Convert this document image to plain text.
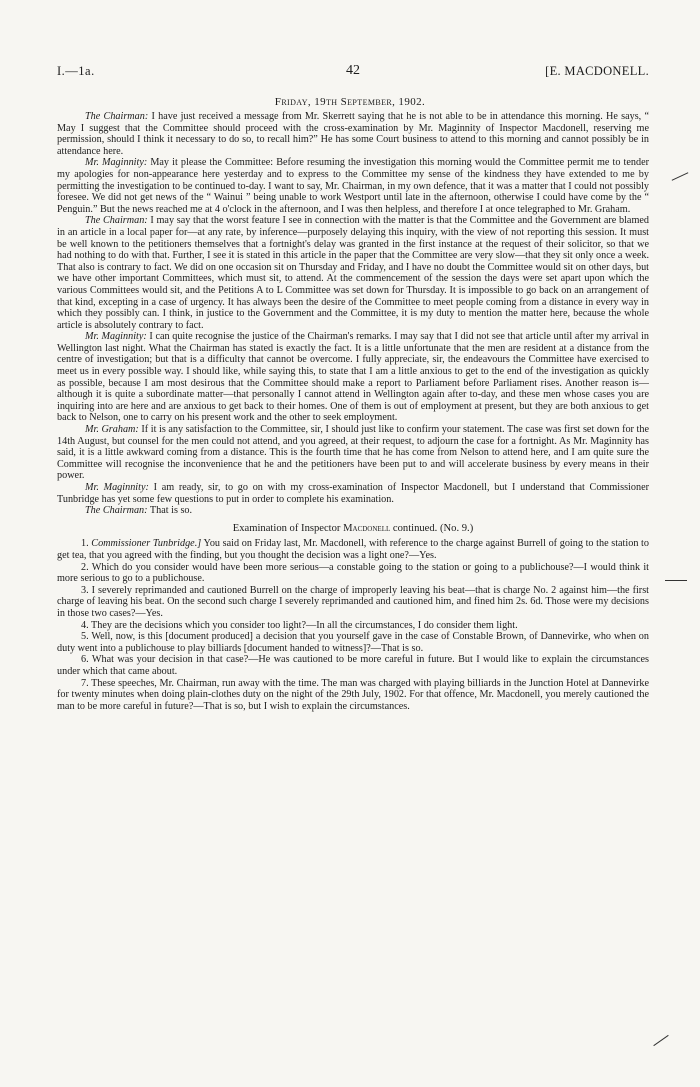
I.—1a.	42	[E. MACDONELL.
Friday, 19th September, 1902.

The Chairman: I have just received a message from Mr. Skerrett saying that he is not able to be in attendance this morning. He says, “ May I suggest that the Committee should proceed with the cross-examination by Mr. Maginnity of Inspector Macdonell, reserving me permission, should I think it necessary to do so, to recall him?” He has some Court business to attend to this morning and cannot possibly be in attendance here.

Mr. Maginnity: May it please the Committee: Before resuming the investigation this morning would the Committee permit me to tender my apologies for non-appearance here yesterday and to express to the Committee my sense of the kindness they have extended to me by permitting the investigation to be continued to-day. I want to say, Mr. Chairman, in my own defence, that it was a matter that I could not possibly foresee. We did not get news of the “ Wainui ” being unable to work Westport until late in the afternoon, otherwise I could have come by the “ Penguin.” But the news reached me at 4 o'clock in the afternoon, and I was then helpless, and therefore I at once telegraphed to Mr. Graham.

The Chairman: I may say that the worst feature I see in connection with the matter is that the Committee and the Government are blamed in an article in a local paper for—at any rate, by inference—purposely delaying this inquiry, with the view of not reporting this session. It must be well known to the petitioners themselves that a fortnight's delay was granted in the first instance at the request of their solicitor, so that we had nothing to do with that. Further, I see it is stated in this article in the paper that the Committee are very slow—that they sit only once a week. That also is contrary to fact. We did on one occasion sit on Thursday and Friday, and I have no doubt the Committee would sit on other days, but we have other important Committees, which must sit, to attend. At the commencement of the session the days were set apart upon which the various Committees would sit, and the Petitions A to L Committee was set down for Thursday. It is impossible to go back on an arrangement of that kind, excepting in a case of urgency. It has always been the desire of the Committee to meet people coming from a distance in every way in which they possibly can. I think, in justice to the Government and the Committee, it is my duty to mention the matter here, because the whole article is absolutely contrary to fact.

Mr. Maginnity: I can quite recognise the justice of the Chairman's remarks. I may say that I did not see that article until after my arrival in Wellington last night. What the Chairman has stated is exactly the fact. It is a little unfortunate that the men are resident at a distance from the centre of investigation; but that is a difficulty that cannot be overcome. I fully appreciate, sir, the endeavours the Committee have exercised to meet us in every possible way. I should like, while saying this, to state that I am a little anxious to get to the end of the investigation as quickly as possible, because I am most desirous that the Committee should make a report to Parliament before Parliament rises. Another reason is—although it is quite a subordinate matter—that personally I cannot attend in Wellington again after to-day, and these men whose cases you are inquiring into are here and are anxious to get back to their homes. One of them is out of employment at present, but they are both anxious to get back to Nelson, one to carry on his present work and the other to seek employment.

Mr. Graham: If it is any satisfaction to the Committee, sir, I should just like to confirm your statement. The case was first set down for the 14th August, but counsel for the men could not attend, and you agreed, at their request, to adjourn the case for a fortnight. As Mr. Maginnity has said, it is a little awkward coming from a distance. This is the fourth time that he has come from Nelson to attend here, and I am quite sure the Committee will recognise the inconvenience that he and the petitioners have been put to and will accelerate business by every means in their power.

Mr. Maginnity: I am ready, sir, to go on with my cross-examination of Inspector Macdonell, but I understand that Commissioner Tunbridge has yet some few questions to put in order to complete his examination.

The Chairman: That is so.

Examination of Inspector Macdonell continued. (No. 9.)

1. Commissioner Tunbridge.] You said on Friday last, Mr. Macdonell, with reference to the charge against Burrell of going to the station to get tea, that you agreed with the finding, but you thought the decision was a light one?—Yes.

2. Which do you consider would have been more serious—a constable going to the station or going to a publichouse?—I would think it more serious to go to a publichouse.

3. I severely reprimanded and cautioned Burrell on the charge of improperly leaving his beat—that is charge No. 2 against him—the first charge of leaving his beat. On the second such charge I severely reprimanded and cautioned him, and fined him 2s. 6d. Those were my decisions in those two cases?—Yes.

4. They are the decisions which you consider too light?—In all the circumstances, I do consider them light.

5. Well, now, is this [document produced] a decision that you yourself gave in the case of Constable Brown, of Dannevirke, who when on duty went into a publichouse to play billiards [document handed to witness]?—That is so.

6. What was your decision in that case?—He was cautioned to be more careful in future. But I would like to explain the circumstances under which that came about.

7. These speeches, Mr. Chairman, run away with the time. The man was charged with playing billiards in the Junction Hotel at Dannevirke for twenty minutes when doing plain-clothes duty on the night of the 29th July, 1902. For that offence, Mr. Macdonell, you merely cautioned the man to be more careful in future?—That is so, but I wish to explain the circumstances.
